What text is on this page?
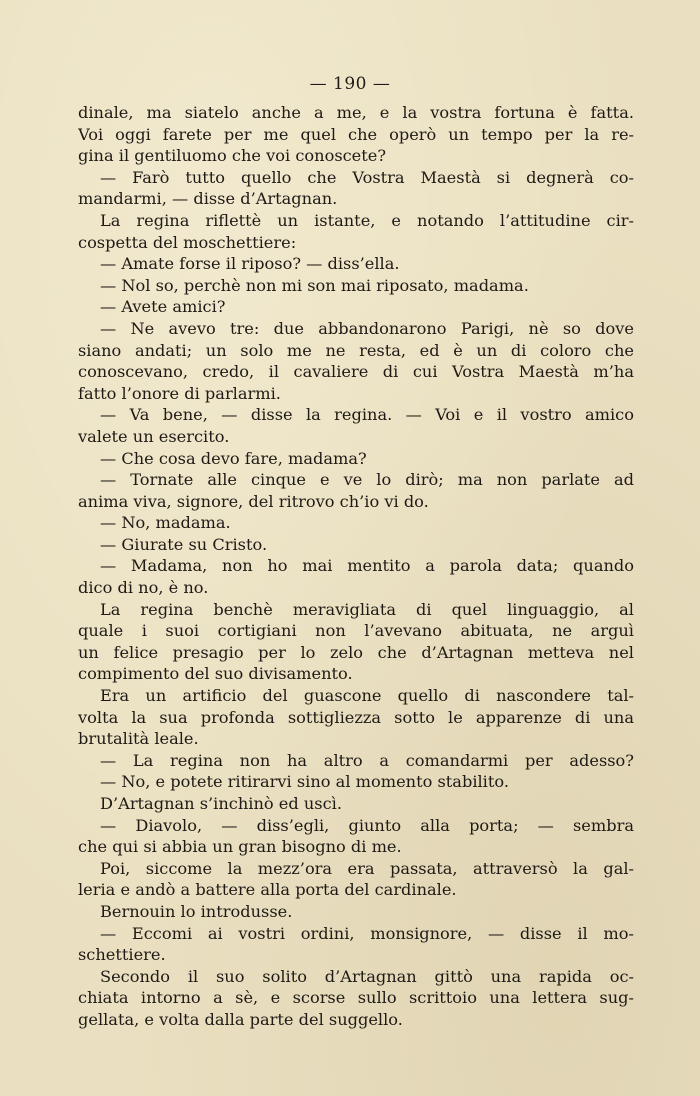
— 190 —
dinale, ma siatelo anche a me, e la vostra fortuna è fatta.
Voi oggi farete per me quel che operò un tempo per la re-
gina il gentiluomo che voi conoscete?
— Farò tutto quello che Vostra Maestà si degnerà co-
mandarmi, — disse d’Artagnan.
La regina riflettè un istante, e notando l’attitudine cir-
cospetta del moschettiere:
— Amate forse il riposo? — diss’ella.
— Nol so, perchè non mi son mai riposato, madama.
— Avete amici?
— Ne avevo tre: due abbandonarono Parigi, nè so dove
siano andati; un solo me ne resta, ed è un di coloro che
conoscevano, credo, il cavaliere di cui Vostra Maestà m’ha
fatto l’onore di parlarmi.
— Va bene, — disse la regina. — Voi e il vostro amico
valete un esercito.
— Che cosa devo fare, madama?
— Tornate alle cinque e ve lo dirò; ma non parlate ad
anima viva, signore, del ritrovo ch’io vi do.
— No, madama.
— Giurate su Cristo.
— Madama, non ho mai mentito a parola data; quando
dico di no, è no.
La regina benchè meravigliata di quel linguaggio, al
quale i suoi cortigiani non l’avevano abituata, ne arguì
un felice presagio per lo zelo che d’Artagnan metteva nel
compimento del suo divisamento.
Era un artificio del guascone quello di nascondere tal-
volta la sua profonda sottigliezza sotto le apparenze di una
brutalità leale.
— La regina non ha altro a comandarmi per adesso?
— No, e potete ritirarvi sino al momento stabilito.
D’Artagnan s’inchinò ed uscì.
— Diavolo, — diss’egli, giunto alla porta; — sembra
che qui si abbia un gran bisogno di me.
Poi, siccome la mezz’ora era passata, attraversò la gal-
leria e andò a battere alla porta del cardinale.
Bernouin lo introdusse.
— Eccomi ai vostri ordini, monsignore, — disse il mo-
schettiere.
Secondo il suo solito d’Artagnan gittò una rapida oc-
chiata intorno a sè, e scorse sullo scrittoio una lettera sug-
gellata, e volta dalla parte del suggello.
